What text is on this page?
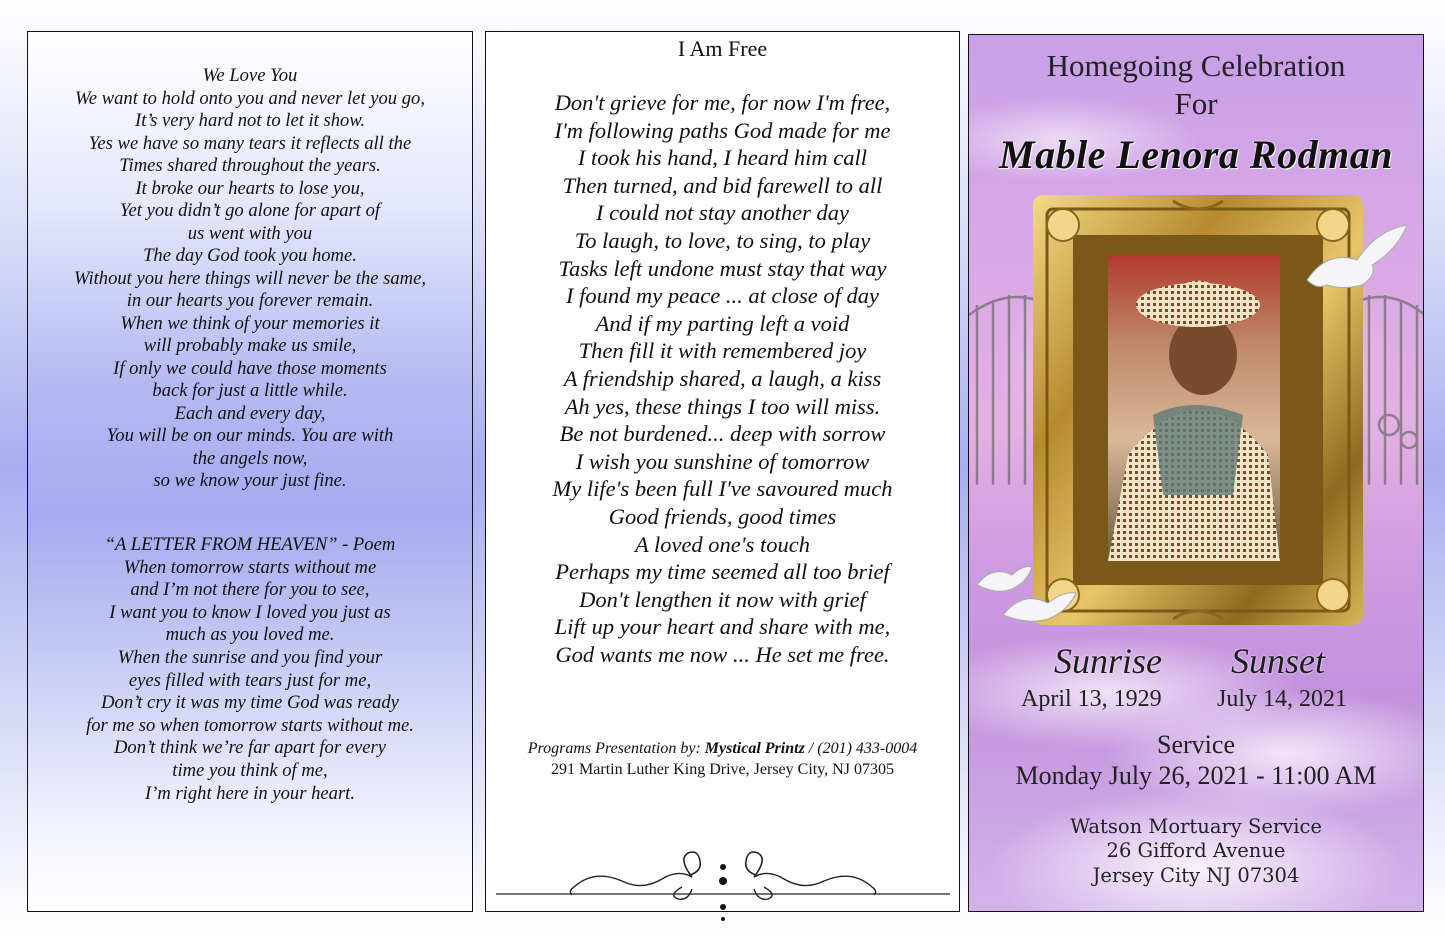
We Love You
We want to hold onto you and never let you go,
It’s very hard not to let it show.
Yes we have so many tears it reflects all the
Times shared throughout the years.
It broke our hearts to lose you,
Yet you didn’t go alone for apart of
us went with you
The day God took you home.
Without you here things will never be the same,
in our hearts you forever remain.
When we think of your memories it
will probably make us smile,
If only we could have those moments
back for just a little while.
Each and every day,
You will be on our minds. You are with
the angels now,
so we know your just fine.
“A LETTER FROM HEAVEN” - Poem
When tomorrow starts without me
and I’m not there for you to see,
I want you to know I loved you just as
much as you loved me.
When the sunrise and you find your
eyes filled with tears just for me,
Don’t cry it was my time God was ready
for me so when tomorrow starts without me.
Don’t think we’re far apart for every
time you think of me,
I’m right here in your heart.
I Am Free
Don't grieve for me, for now I'm free,
I'm following paths God made for me
I took his hand, I heard him call
Then turned, and bid farewell to all
I could not stay another day
To laugh, to love, to sing, to play
Tasks left undone must stay that way
I found my peace ... at close of day
And if my parting left a void
Then fill it with remembered joy
A friendship shared, a laugh, a kiss
Ah yes, these things I too will miss.
Be not burdened... deep with sorrow
I wish you sunshine of tomorrow
My life's been full I've savoured much
Good friends, good times
A loved one's touch
Perhaps my time seemed all too brief
Don't lengthen it now with grief
Lift up your heart and share with me,
God wants me now ... He set me free.
Programs Presentation by: Mystical Printz / (201) 433-0004
291 Martin Luther King Drive, Jersey City, NJ 07305
Homegoing Celebration
For
Mable Lenora Rodman
Sunrise Sunset
April 13, 1929 July 14, 2021
Service
Monday July 26, 2021 - 11:00 AM
Watson Mortuary Service
26 Gifford Avenue
Jersey City NJ 07304
